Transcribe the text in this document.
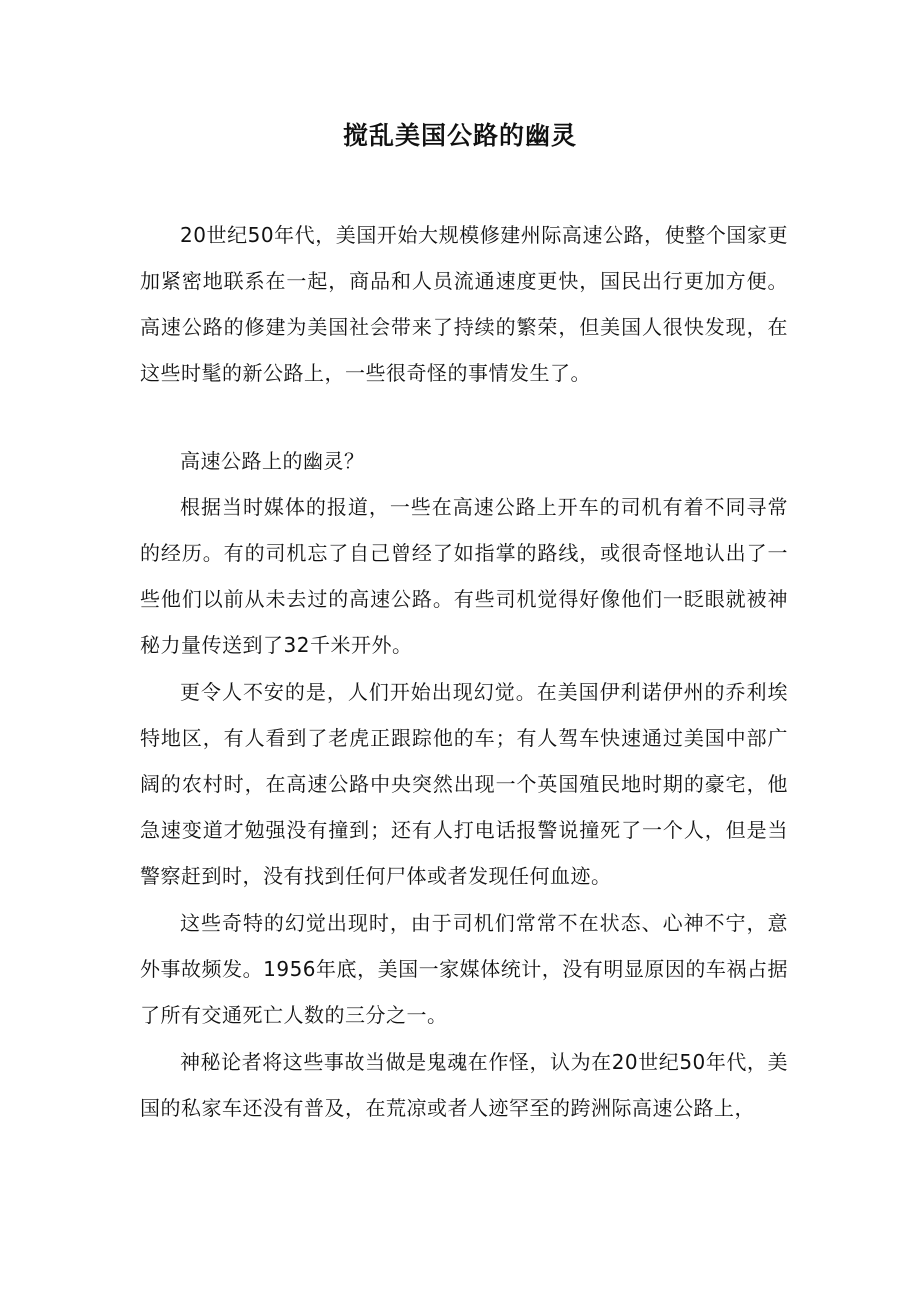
搅乱美国公路的幽灵

20世纪50年代，美国开始大规模修建州际高速公路，使整个国家更加紧密地联系在一起，商品和人员流通速度更快，国民出行更加方便。高速公路的修建为美国社会带来了持续的繁荣，但美国人很快发现，在这些时髦的新公路上，一些很奇怪的事情发生了。

高速公路上的幽灵？

根据当时媒体的报道，一些在高速公路上开车的司机有着不同寻常的经历。有的司机忘了自己曾经了如指掌的路线，或很奇怪地认出了一些他们以前从未去过的高速公路。有些司机觉得好像他们一眨眼就被神秘力量传送到了32千米开外。

更令人不安的是，人们开始出现幻觉。在美国伊利诺伊州的乔利埃特地区，有人看到了老虎正跟踪他的车；有人驾车快速通过美国中部广阔的农村时，在高速公路中央突然出现一个英国殖民地时期的豪宅，他急速变道才勉强没有撞到；还有人打电话报警说撞死了一个人，但是当警察赶到时，没有找到任何尸体或者发现任何血迹。

这些奇特的幻觉出现时，由于司机们常常不在状态、心神不宁，意外事故频发。1956年底，美国一家媒体统计，没有明显原因的车祸占据了所有交通死亡人数的三分之一。

神秘论者将这些事故当做是鬼魂在作怪，认为在20世纪50年代，美国的私家车还没有普及，在荒凉或者人迹罕至的跨洲际高速公路上，
